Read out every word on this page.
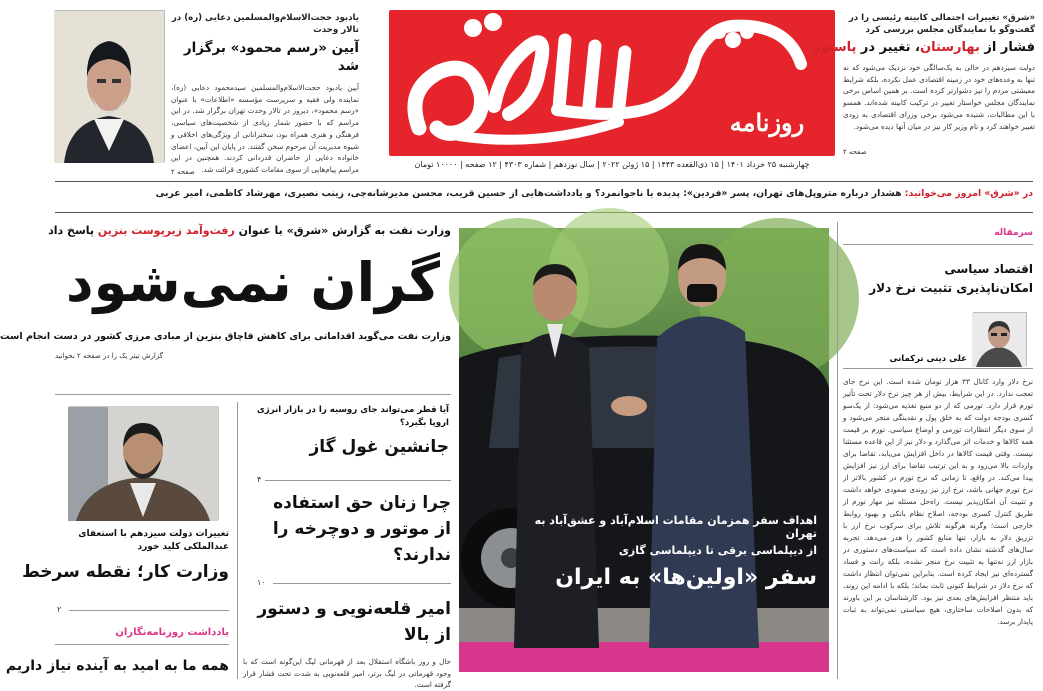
یادبود حجت‌الاسلام‌والمسلمین دعایی (ره) در تالار وحدت
آیین «رسم محمود» برگزار شد
آیین یادبود حجت‌الاسلام‌والمسلمین سیدمحمود دعایی (ره)، نماینده ولی فقیه و سرپرست مؤسسه «اطلاعات» با عنوان «رسم محمود»، دیروز در تالار وحدت تهران برگزار شد. در این مراسم که با حضور شمار زیادی از شخصیت‌های سیاسی، فرهنگی و هنری همراه بود، سخنرانانی از ویژگی‌های اخلاقی و شیوه مدیریت آن مرحوم سخن گفتند. در پایان این آیین، اعضای خانواده دعایی از حاضران قدردانی کردند. همچنین در این مراسم پیام‌هایی از سوی مقامات کشوری قرائت شد.
صفحه ۲
روزنامه
چهارشنبه ۲۵ خرداد ۱۴۰۱ | ۱۵ ذی‌القعده ۱۴۴۳ | ۱۵ ژوئن ۲۰۲۲ | سال نوزدهم | شماره ۴۳۰۳ | ۱۲ صفحه | ۱۰۰۰۰ تومان
«شرق» تغییرات احتمالی کابینه رئیسی را در گفت‌وگو با نمایندگان مجلس بررسی کرد
فشار از بهارستان، تغییر در پاستور
دولت سیزدهم در حالی به یک‌سالگی خود نزدیک می‌شود که نه تنها به وعده‌های خود در زمینه اقتصادی عمل نکرده، بلکه شرایط معیشتی مردم را نیز دشوارتر کرده است. بر همین اساس برخی نمایندگان مجلس خواستار تغییر در ترکیب کابینه شده‌اند. همسو با این مطالبات، شنیده می‌شود برخی وزرای اقتصادی به زودی تغییر خواهند کرد و نام وزیر کار نیز در میان آنها دیده می‌شود.
صفحه ۲
در «شرق» امروز می‌خوانید: هشدار درباره متروپل‌های تهران، پسر «فردین»: پدیده یا ناجوانمرد؟ و یادداشت‌هایی از حسین قریب، محسن مدیرشانه‌چی، زینب نصیری، مهرشاد کاظمی، امیر عربی
وزارت نفت به گزارش «شرق» با عنوان رفت‌وآمد زیرپوست بنزین پاسخ داد
گران نمی‌شود
وزارت نفت می‌گوید اقداماتی برای کاهش قاچاق بنزین از مبادی مرزی کشور در دست انجام است
گزارش تیتر یک را در صفحه ۲ بخوانید
تغییرات دولت سیزدهم با استعفای عبدالملکی کلید خورد
وزارت کار؛ نقطه سرخط
۲
یادداشت روزنامه‌نگاران
همه ما به امید به آینده نیاز داریم
آیا قطر می‌تواند جای روسیه را در بازار انرژی اروپا بگیرد؟
جانشین غول گاز
۴
چرا زنان حق استفاده از موتور و دوچرخه را ندارند؟
۱۰
امیر قلعه‌نویی و دستور از بالا
حال و روز باشگاه استقلال بعد از قهرمانی لیگ این‌گونه است که با وجود قهرمانی در لیگ برتر، امیر قلعه‌نویی به شدت تحت فشار قرار گرفته است.
اهداف سفر همزمان مقامات اسلام‌آباد و عشق‌آباد به تهران
از دیپلماسی برقی تا دیپلماسی گازی
سفر «اولین‌ها» به ایران
سرمقاله
اقتصاد سیاسی
امکان‌ناپذیری تثبیت نرخ دلار
علی دینی ترکمانی
نرخ دلار وارد کانال ۳۳ هزار تومان شده است. این نرخ جای تعجب ندارد. در این شرایط، بیش از هر چیز نرخ دلار تحت تأثیر تورم قرار دارد. تورمی که از دو منبع تغذیه می‌شود: از یک‌سو کسری بودجه دولت که به خلق پول و نقدینگی منجر می‌شود و از سوی دیگر انتظارات تورمی و اوضاع سیاسی. تورم بر قیمت همه کالاها و خدمات اثر می‌گذارد و دلار نیز از این قاعده مستثنا نیست. وقتی قیمت کالاها در داخل افزایش می‌یابد، تقاضا برای واردات بالا می‌رود و به این ترتیب تقاضا برای ارز نیز افزایش پیدا می‌کند. در واقع، تا زمانی که نرخ تورم در کشور بالاتر از نرخ تورم جهانی باشد، نرخ ارز نیز روندی صعودی خواهد داشت و تثبیت آن امکان‌پذیر نیست. راه‌حل مسئله نیز مهار تورم از طریق کنترل کسری بودجه، اصلاح نظام بانکی و بهبود روابط خارجی است؛ وگرنه هرگونه تلاش برای سرکوب نرخ ارز با تزریق دلار به بازار، تنها منابع کشور را هدر می‌دهد. تجربه سال‌های گذشته نشان داده است که سیاست‌های دستوری در بازار ارز نه‌تنها به تثبیت نرخ منجر نشده، بلکه رانت و فساد گسترده‌ای نیز ایجاد کرده است. بنابراین نمی‌توان انتظار داشت که نرخ دلار در شرایط کنونی ثابت بماند؛ بلکه با ادامه این روند، باید منتظر افزایش‌های بعدی نیز بود. کارشناسان بر این باورند که بدون اصلاحات ساختاری، هیچ سیاستی نمی‌تواند به ثبات پایدار برسد.
